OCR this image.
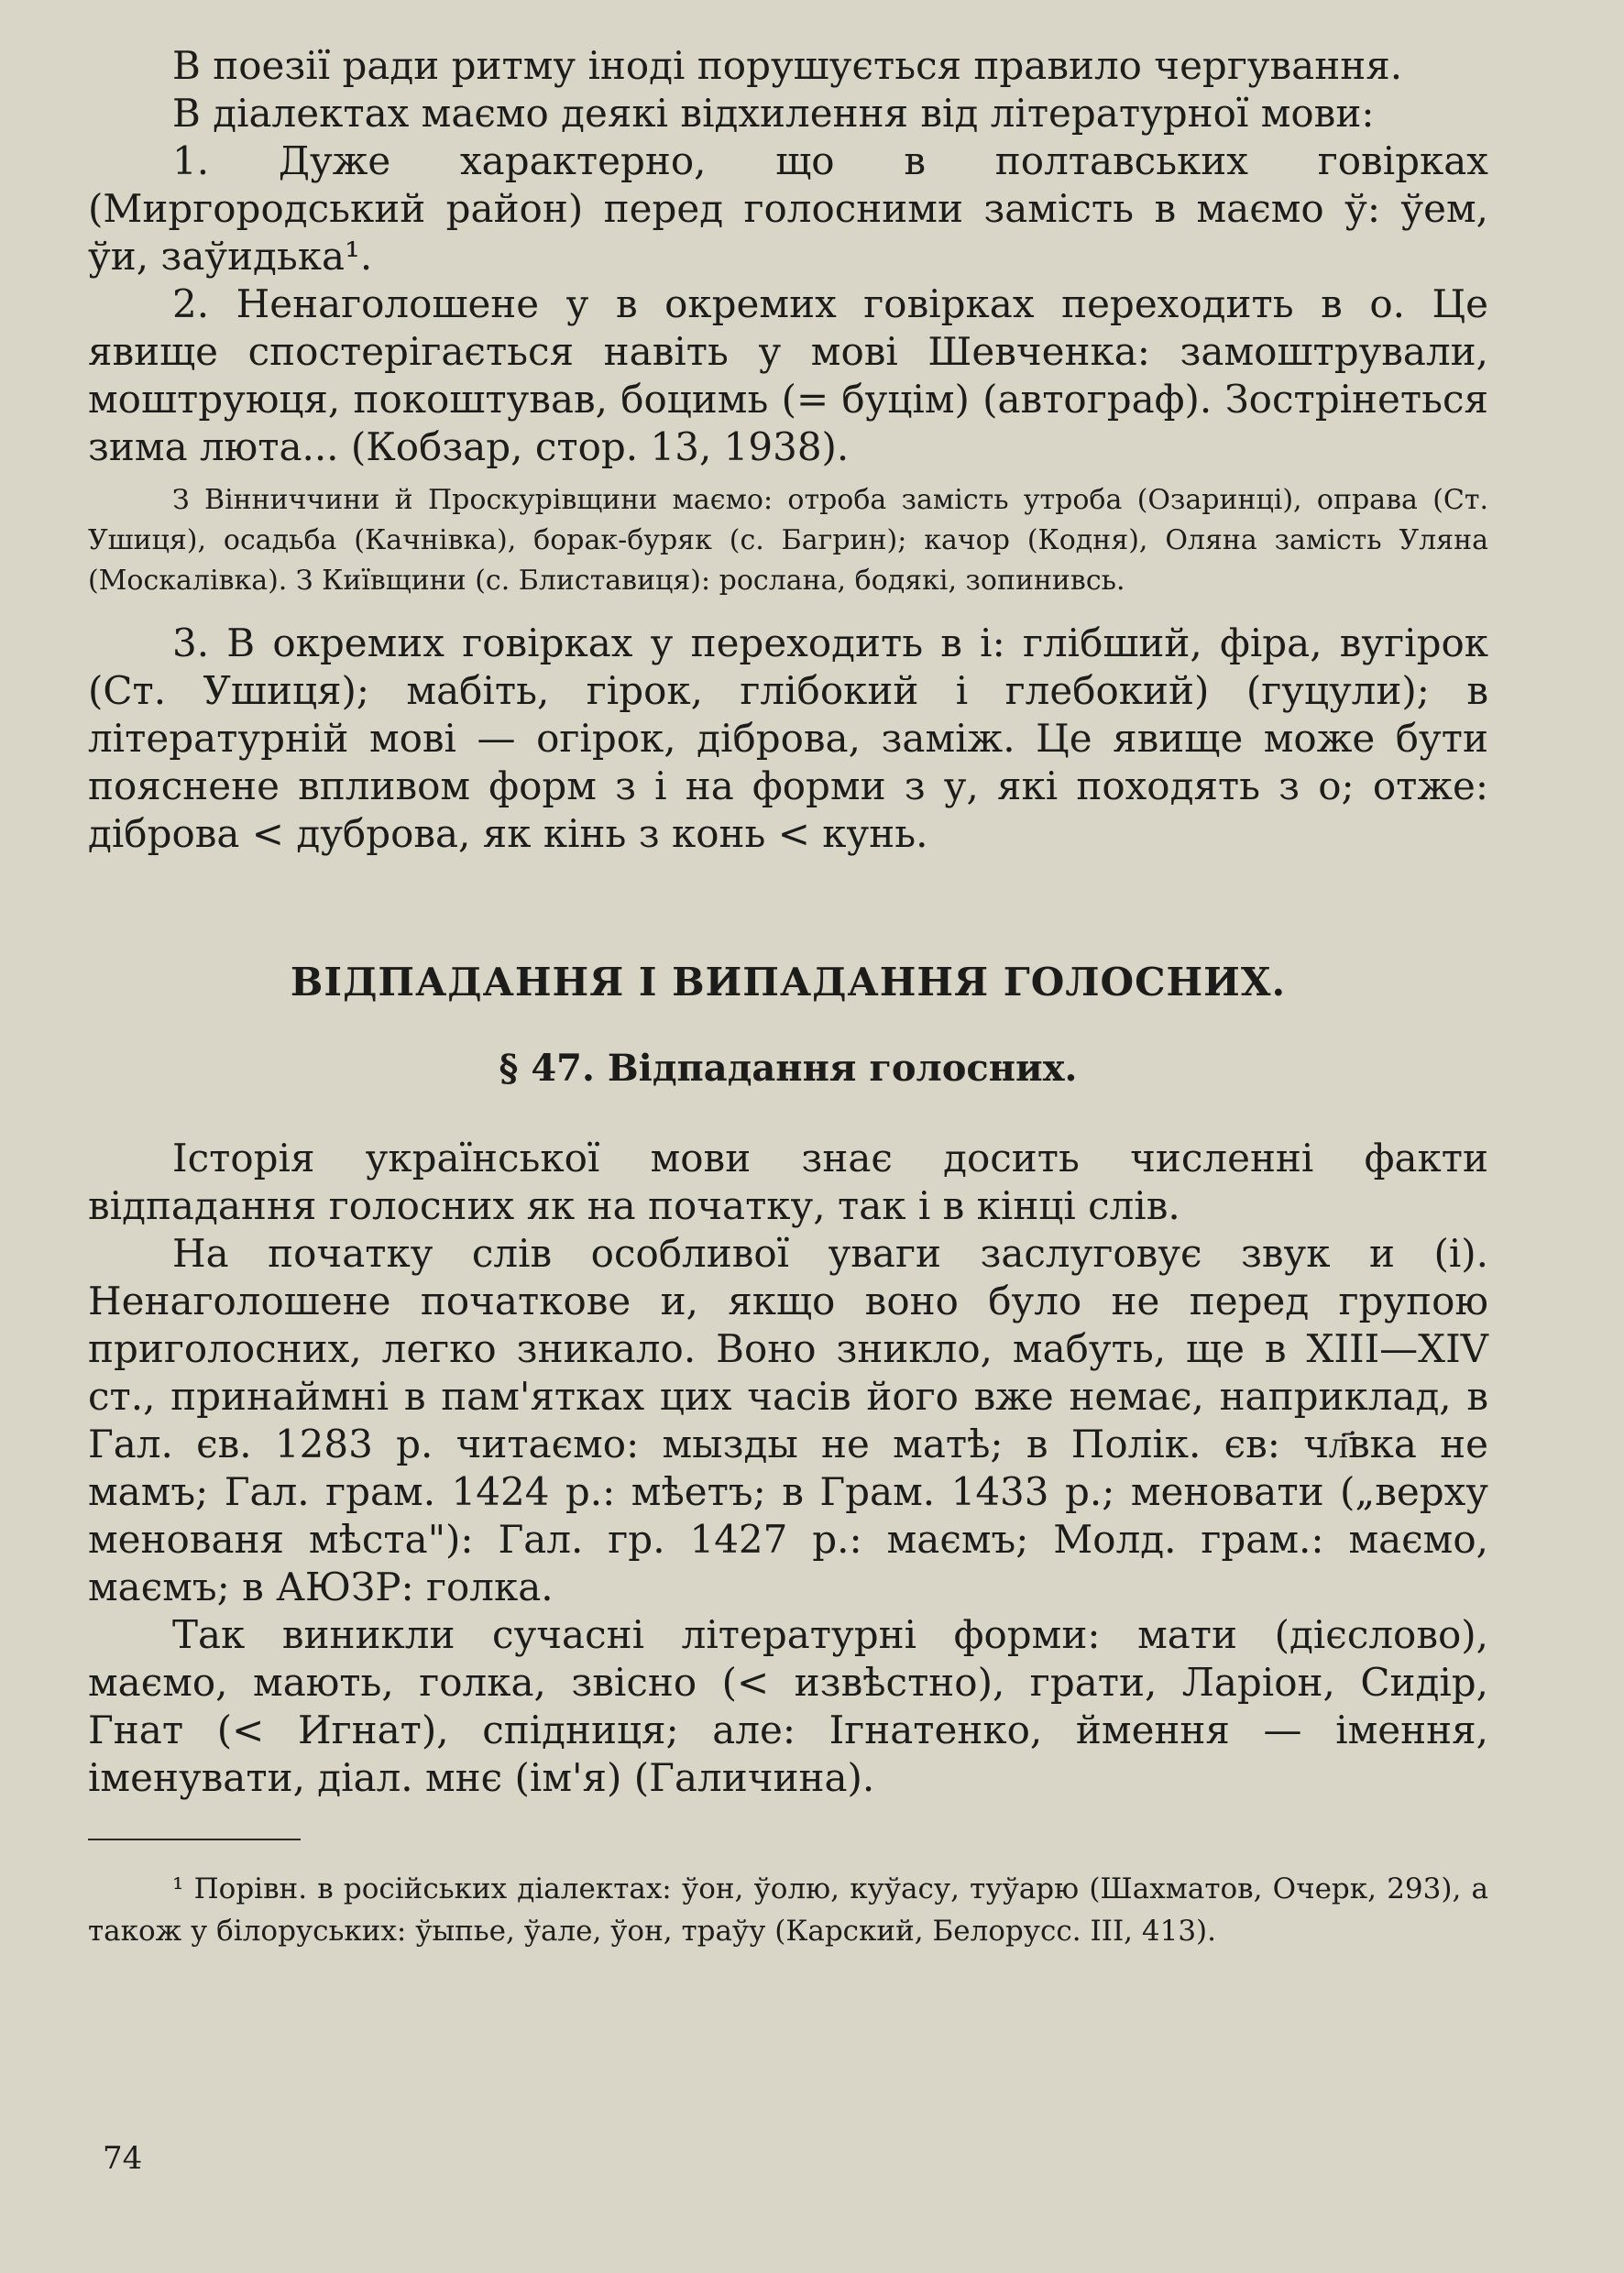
В поезії ради ритму іноді порушується правило чергування.

В діалектах маємо деякі відхилення від літературної мови:

1. Дуже характерно, що в полтавських говірках (Миргородський район) перед голосними замість в маємо ў: ўем, ўи, заўидька¹.

2. Ненаголошене у в окремих говірках переходить в о. Це явище спостерігається навіть у мові Шевченка: замоштрували, моштруюця, покоштував, боцимь (= буцім) (автограф). Зострінеться зима люта... (Кобзар, стор. 13, 1938).

З Вінниччини й Проскурівщини маємо: отроба замість утроба (Озаринці), оправа (Ст. Ушиця), осадьба (Качнівка), борак-буряк (с. Багрин); качор (Кодня), Оляна замість Уляна (Москалівка). З Київщини (с. Блиставиця): рослана, бодякі, зопинивсь.

3. В окремих говірках у переходить в і: глібший, фіра, вугірок (Ст. Ушиця); мабіть, гірок, глібокий і глебокий) (гуцули); в літературній мові — огірок, діброва, заміж. Це явище може бути пояснене впливом форм з і на форми з у, які походять з о; отже: діброва < дуброва, як кінь з конь < кунь.

ВІДПАДАННЯ І ВИПАДАННЯ ГОЛОСНИХ.
§ 47. Відпадання голосних.

Історія української мови знає досить численні факти відпадання голосних як на початку, так і в кінці слів.

На початку слів особливої уваги заслуговує звук и (і). Ненаголошене початкове и, якщо воно було не перед групою приголосних, легко зникало. Воно зникло, мабуть, ще в XIII—XIV ст., принаймні в пам'ятках цих часів його вже немає, наприклад, в Гал. єв. 1283 р. читаємо: мызды не матѣ; в Полік. єв: чл҃вка не мамъ; Гал. грам. 1424 р.: мѣетъ; в Грам. 1433 р.; меновати („верху менованя мѣста"): Гал. гр. 1427 р.: маємъ; Молд. грам.: маємо, маємъ; в АЮЗР: голка.

Так виникли сучасні літературні форми: мати (дієслово), маємо, мають, голка, звісно (< извѣстно), грати, Ларіон, Сидір, Гнат (< Игнат), спідниця; але: Ігнатенко, ймення — імення, іменувати, діал. мнє (ім'я) (Галичина).

¹ Порівн. в російських діалектах: ўон, ўолю, куўасу, туўарю (Шахматов, Очерк, 293), а також у білоруських: ўыпье, ўале, ўон, траўу (Карский, Белорусс. III, 413).

74
